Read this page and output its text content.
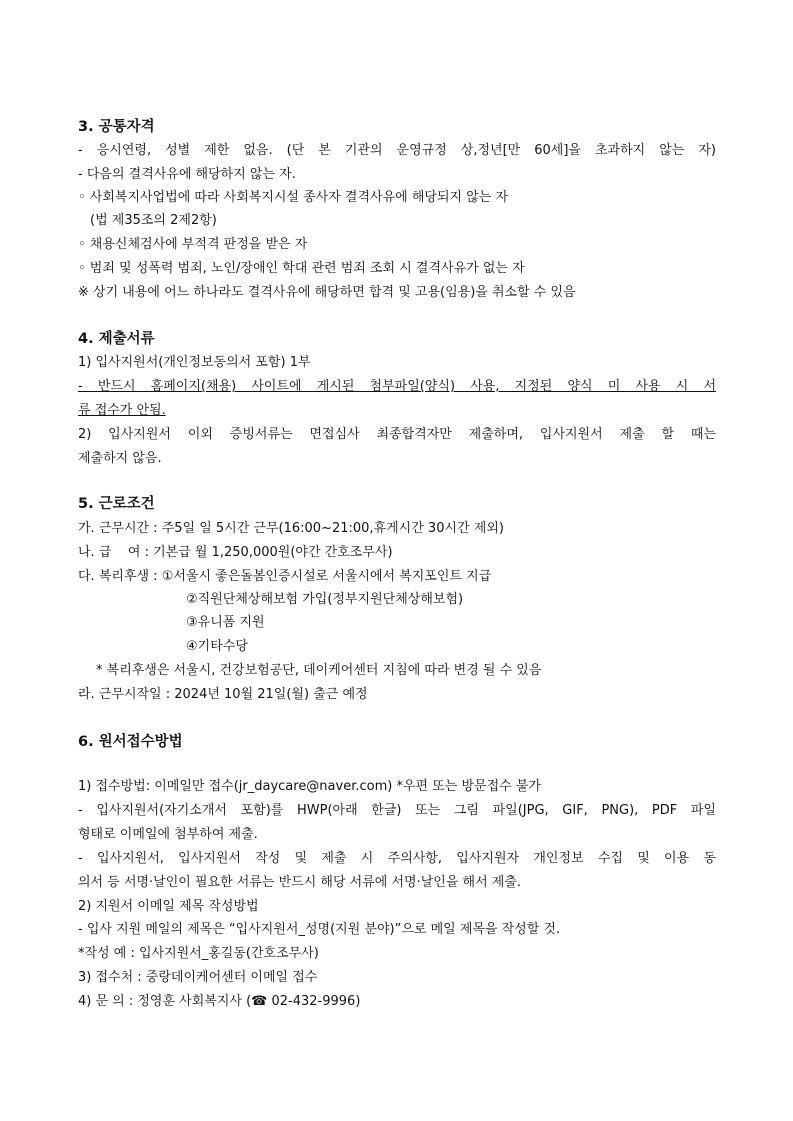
3. 공통자격
- 응시연령, 성별 제한 없음. (단 본 기관의 운영규정 상,정년[만 60세]을 초과하지 않는 자)
- 다음의 결격사유에 해당하지 않는 자.
◦ 사회복지사업법에 따라 사회복지시설 종사자 결격사유에 해당되지 않는 자
(법 제35조의 2제2항)
◦ 채용신체검사에 부적격 판정을 받은 자
◦ 범죄 및 성폭력 범죄, 노인/장애인 학대 관련 범죄 조회 시 결격사유가 없는 자
※ 상기 내용에 어느 하나라도 결격사유에 해당하면 합격 및 고용(임용)을 취소할 수 있음
4. 제출서류
1) 입사지원서(개인정보동의서 포함) 1부
- 반드시 홈페이지(채용) 사이트에 게시된 첨부파일(양식) 사용, 지정된 양식 미 사용 시 서
류 접수가 안됨.
2) 입사지원서 이외 증빙서류는 면접심사 최종합격자만 제출하며, 입사지원서 제출 할 때는
제출하지 않음.
5. 근로조건
가. 근무시간 : 주5일 일 5시간 근무(16:00~21:00,휴게시간 30시간 제외)
나. 급    여 : 기본급 월 1,250,000원(야간 간호조무사)
다. 복리후생 : ①서울시 좋은돌봄인증시설로 서울시에서 복지포인트 지급
②직원단체상해보험 가입(정부지원단체상해보험)
③유니폼 지원
④기타수당
* 복리후생은 서울시, 건강보험공단, 데이케어센터 지침에 따라 변경 될 수 있음
라. 근무시작일 : 2024년 10월 21일(월) 출근 예정
6. 원서접수방법
1) 접수방법: 이메일만 접수(jr_daycare@naver.com) *우편 또는 방문접수 불가
- 입사지원서(자기소개서 포함)를 HWP(아래 한글) 또는 그림 파일(JPG, GIF, PNG), PDF 파일
형태로 이메일에 첨부하여 제출.
- 입사지원서, 입사지원서 작성 및 제출 시 주의사항, 입사지원자 개인정보 수집 및 이용 동
의서 등 서명·날인이 필요한 서류는 반드시 해당 서류에 서명·날인을 해서 제출.
2) 지원서 이메일 제목 작성방법
- 입사 지원 메일의 제목은 “입사지원서_성명(지원 분야)”으로 메일 제목을 작성할 것.
*작성 예 : 입사지원서_홍길동(간호조무사)
3) 접수처 : 중랑데이케어센터 이메일 접수
4) 문 의 : 정영훈 사회복지사 (☎ 02-432-9996)
